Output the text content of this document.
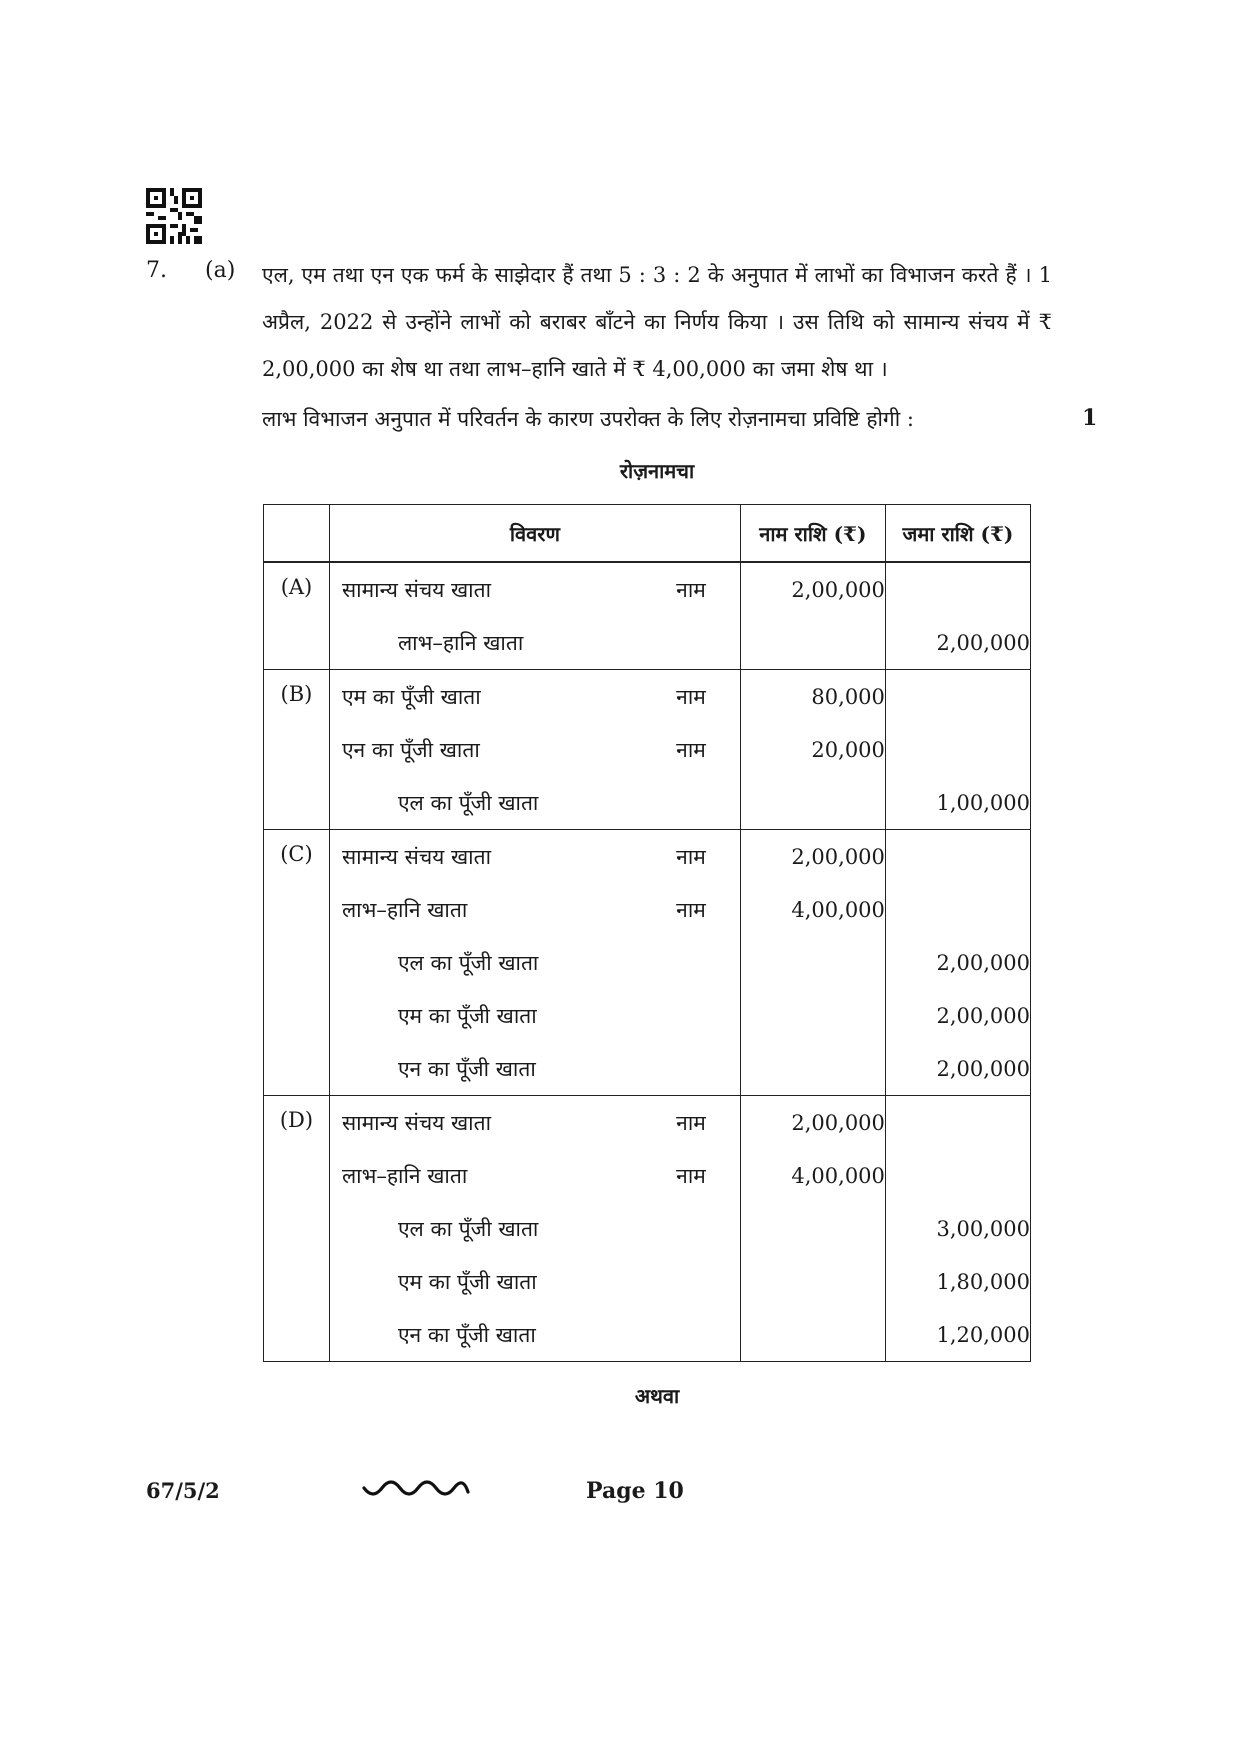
7. (a) एल, एम तथा एन एक फर्म के साझेदार हैं तथा 5 : 3 : 2 के अनुपात में लाभों का विभाजन करते हैं । 1 अप्रैल, 2022 से उन्होंने लाभों को बराबर बाँटने का निर्णय किया । उस तिथि को सामान्य संचय में ₹ 2,00,000 का शेष था तथा लाभ–हानि खाते में ₹ 4,00,000 का जमा शेष था ।
लाभ विभाजन अनुपात में परिवर्तन के कारण उपरोक्त के लिए रोज़नामचा प्रविष्टि होगी :	1
रोज़नामचा
	विवरण	नाम राशि (₹)	जमा राशि (₹)
(A)	सामान्य संचय खाता नाम	2,00,000	
	लाभ–हानि खाता		2,00,000
(B)	एम का पूँजी खाता नाम	80,000	
	एन का पूँजी खाता नाम	20,000	
	एल का पूँजी खाता		1,00,000
(C)	सामान्य संचय खाता नाम	2,00,000	
	लाभ–हानि खाता नाम	4,00,000	
	एल का पूँजी खाता		2,00,000
	एम का पूँजी खाता		2,00,000
	एन का पूँजी खाता		2,00,000
(D)	सामान्य संचय खाता नाम	2,00,000	
	लाभ–हानि खाता नाम	4,00,000	
	एल का पूँजी खाता		3,00,000
	एम का पूँजी खाता		1,80,000
	एन का पूँजी खाता		1,20,000
अथवा
67/5/2	Page 10
